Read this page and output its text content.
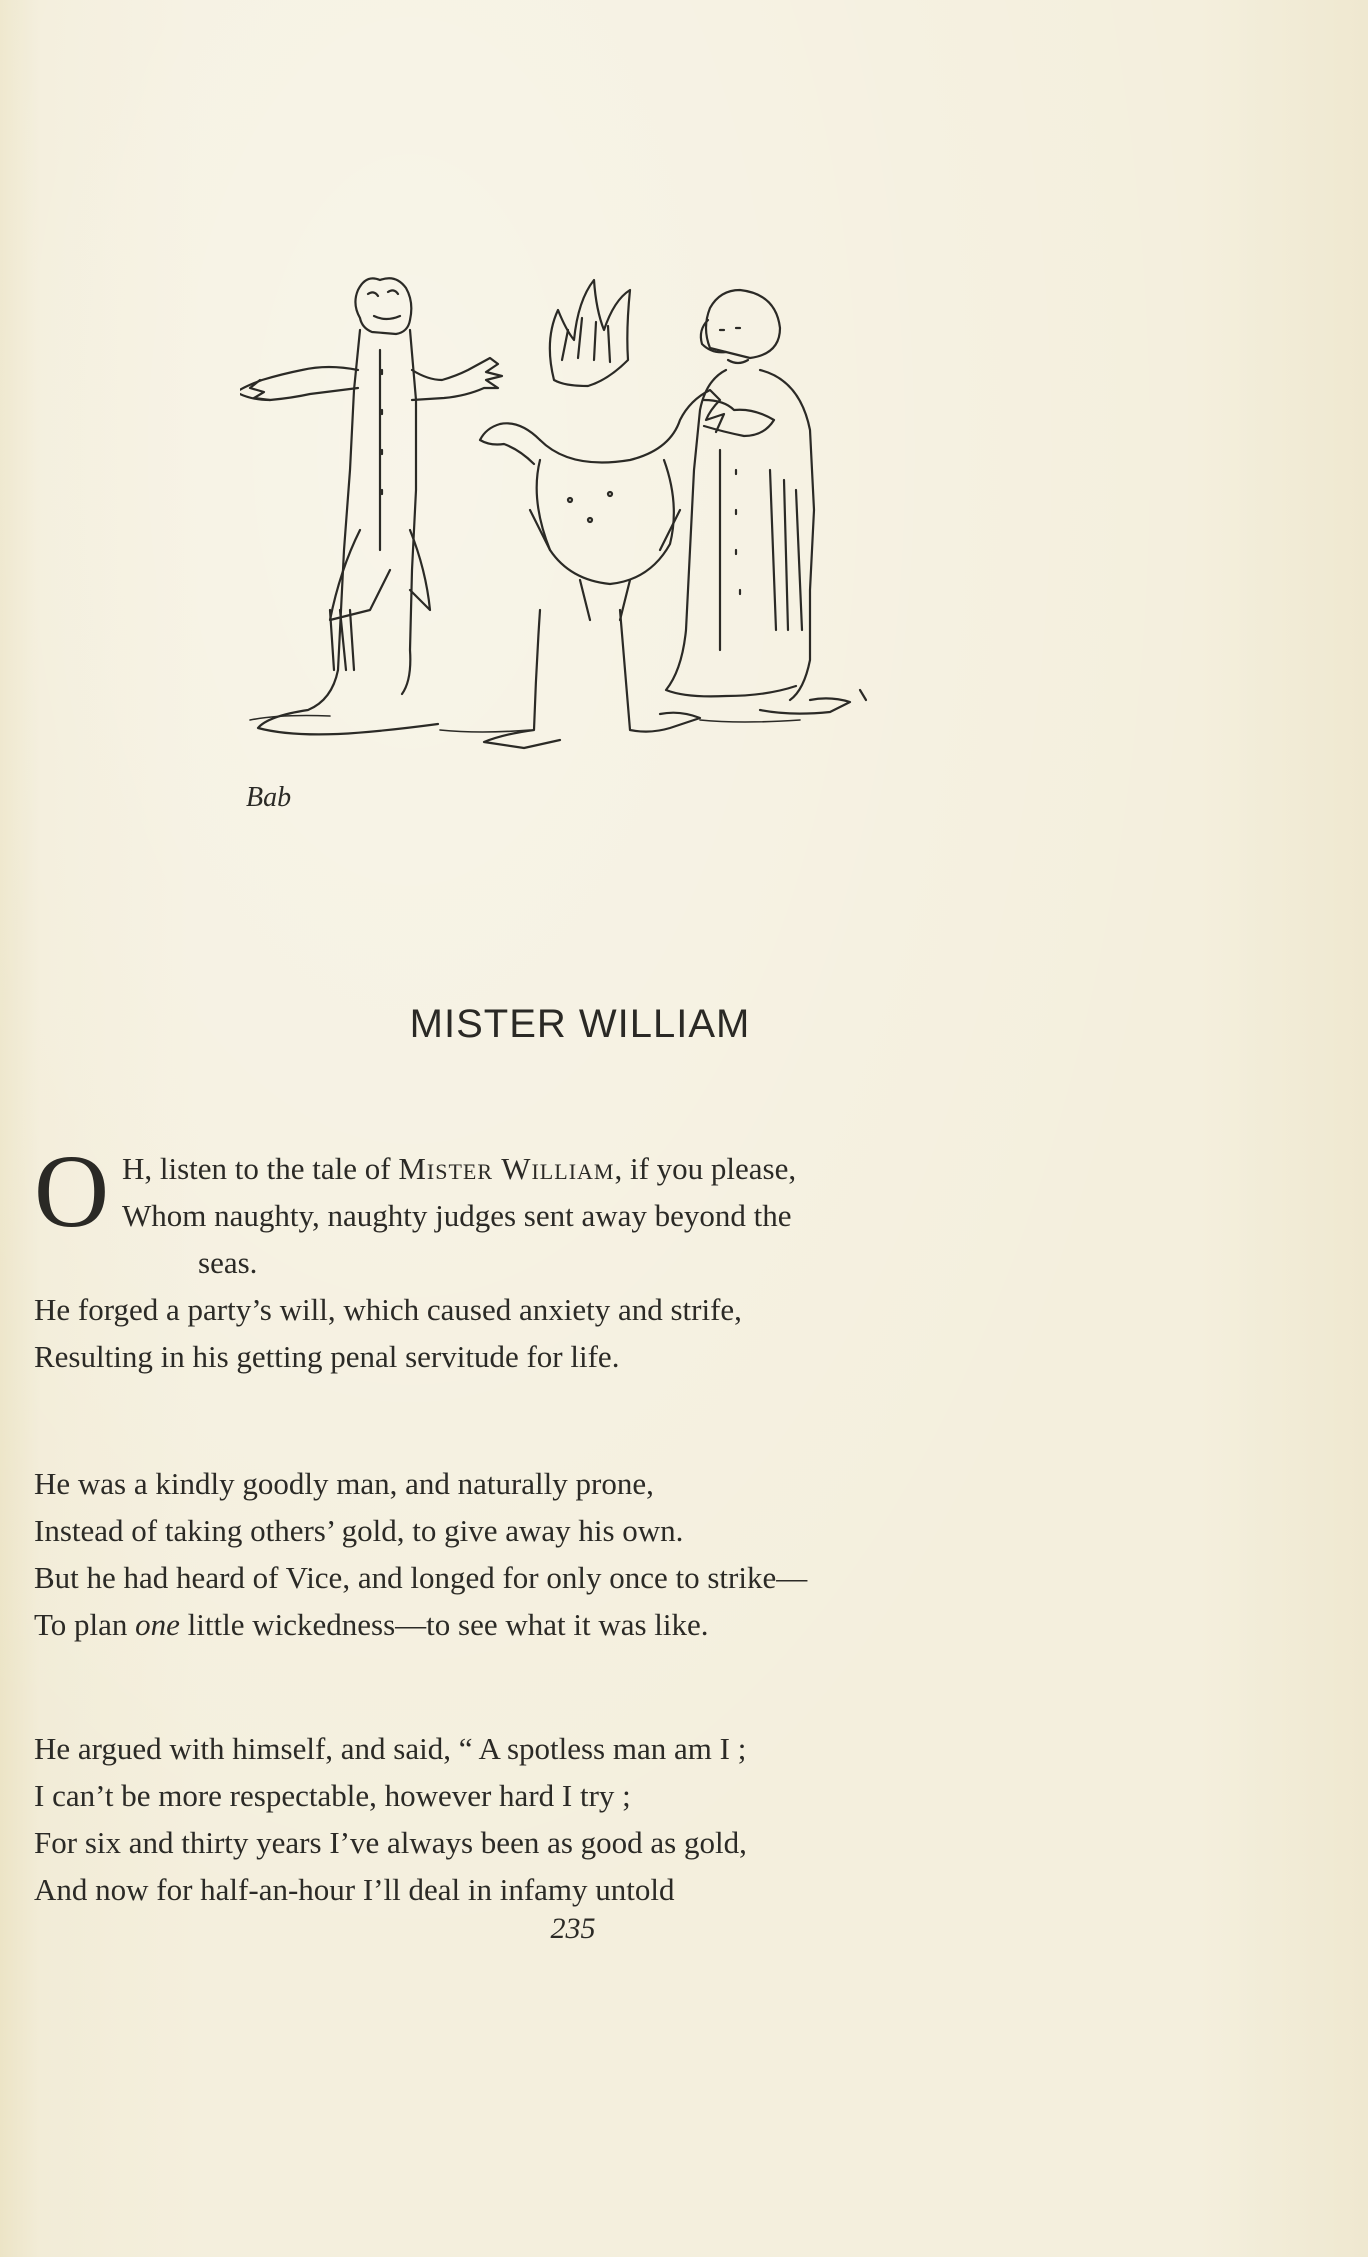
Bab
MISTER WILLIAM
O H, listen to the tale of Mister William, if you please,
Whom naughty, naughty judges sent away beyond the
seas.
He forged a party’s will, which caused anxiety and strife,
Resulting in his getting penal servitude for life.
He was a kindly goodly man, and naturally prone,
Instead of taking others’ gold, to give away his own.
But he had heard of Vice, and longed for only once to strike—
To plan one little wickedness—to see what it was like.
He argued with himself, and said, “ A spotless man am I ;
I can’t be more respectable, however hard I try ;
For six and thirty years I’ve always been as good as gold,
And now for half-an-hour I’ll deal in infamy untold
235
